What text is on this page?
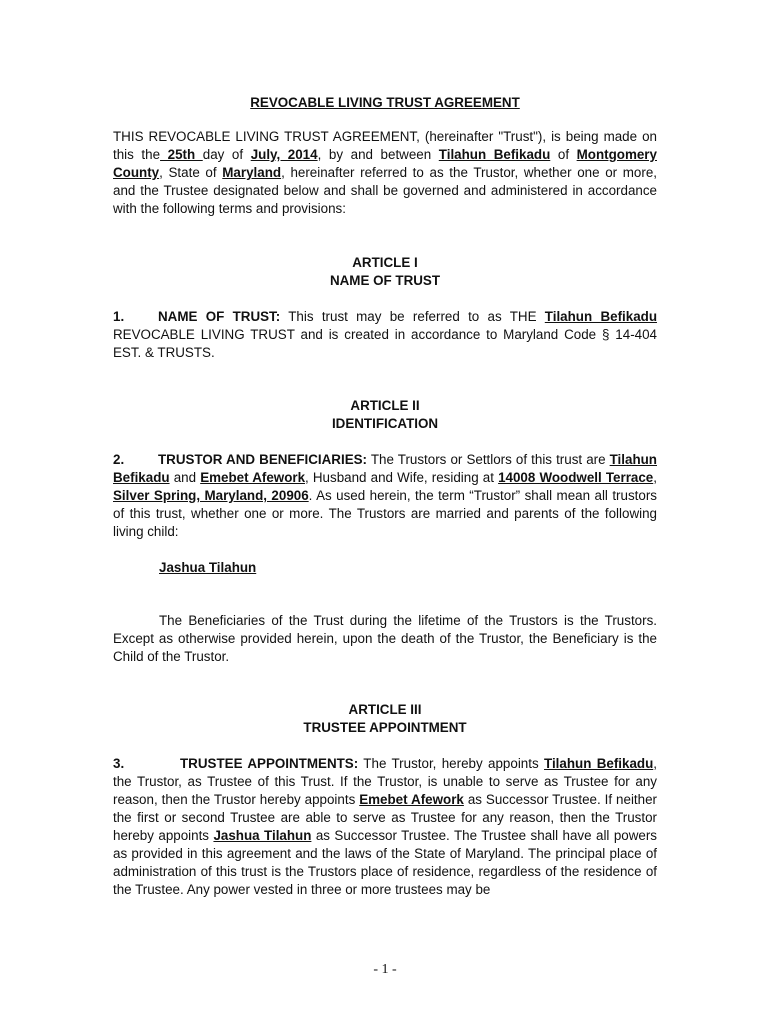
REVOCABLE LIVING TRUST AGREEMENT
THIS REVOCABLE LIVING TRUST AGREEMENT, (hereinafter "Trust"), is being made on this the 25th day of July, 2014, by and between Tilahun Befikadu of Montgomery County, State of Maryland, hereinafter referred to as the Trustor, whether one or more, and the Trustee designated below and shall be governed and administered in accordance with the following terms and provisions:
ARTICLE I
NAME OF TRUST
1.	NAME OF TRUST: This trust may be referred to as THE Tilahun Befikadu REVOCABLE LIVING TRUST and is created in accordance to Maryland Code § 14-404 EST. & TRUSTS.
ARTICLE II
IDENTIFICATION
2.	TRUSTOR AND BENEFICIARIES: The Trustors or Settlors of this trust are Tilahun Befikadu and Emebet Afework, Husband and Wife, residing at 14008 Woodwell Terrace, Silver Spring, Maryland, 20906. As used herein, the term “Trustor” shall mean all trustors of this trust, whether one or more. The Trustors are married and parents of the following living child:
Jashua Tilahun
The Beneficiaries of the Trust during the lifetime of the Trustors is the Trustors. Except as otherwise provided herein, upon the death of the Trustor, the Beneficiary is the Child of the Trustor.
ARTICLE III
TRUSTEE APPOINTMENT
3.	TRUSTEE APPOINTMENTS: The Trustor, hereby appoints Tilahun Befikadu, the Trustor, as Trustee of this Trust. If the Trustor, is unable to serve as Trustee for any reason, then the Trustor hereby appoints Emebet Afework as Successor Trustee. If neither the first or second Trustee are able to serve as Trustee for any reason, then the Trustor hereby appoints Jashua Tilahun as Successor Trustee. The Trustee shall have all powers as provided in this agreement and the laws of the State of Maryland. The principal place of administration of this trust is the Trustors place of residence, regardless of the residence of the Trustee. Any power vested in three or more trustees may be
- 1 -
